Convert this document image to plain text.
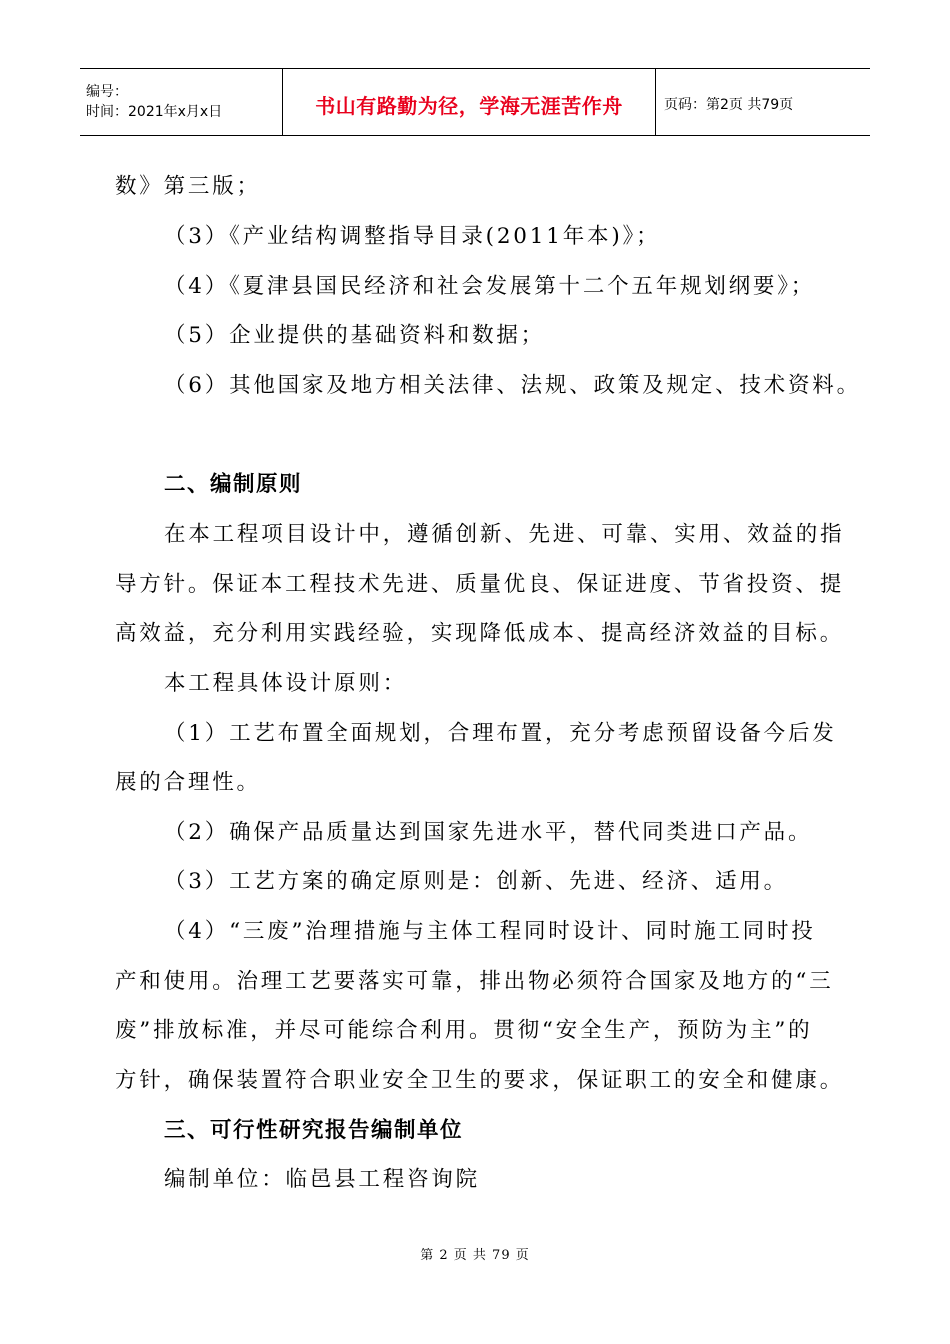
编号：
时间：2021年x月x日	书山有路勤为径，学海无涯苦作舟	页码：第2页 共79页
数》第三版；
（3）《产业结构调整指导目录(2011年本)》；
（4）《夏津县国民经济和社会发展第十二个五年规划纲要》；
（5）企业提供的基础资料和数据；
（6）其他国家及地方相关法律、法规、政策及规定、技术资料。
二、编制原则
在本工程项目设计中，遵循创新、先进、可靠、实用、效益的指
导方针。保证本工程技术先进、质量优良、保证进度、节省投资、提
高效益，充分利用实践经验，实现降低成本、提高经济效益的目标。
本工程具体设计原则：
（1）工艺布置全面规划，合理布置，充分考虑预留设备今后发
展的合理性。
（2）确保产品质量达到国家先进水平，替代同类进口产品。
（3）工艺方案的确定原则是：创新、先进、经济、适用。
（4）“三废”治理措施与主体工程同时设计、同时施工同时投
产和使用。治理工艺要落实可靠，排出物必须符合国家及地方的“三
废”排放标准，并尽可能综合利用。贯彻“安全生产，预防为主”的
方针，确保装置符合职业安全卫生的要求，保证职工的安全和健康。
三、可行性研究报告编制单位
编制单位：临邑县工程咨询院
第 2 页 共 79 页
